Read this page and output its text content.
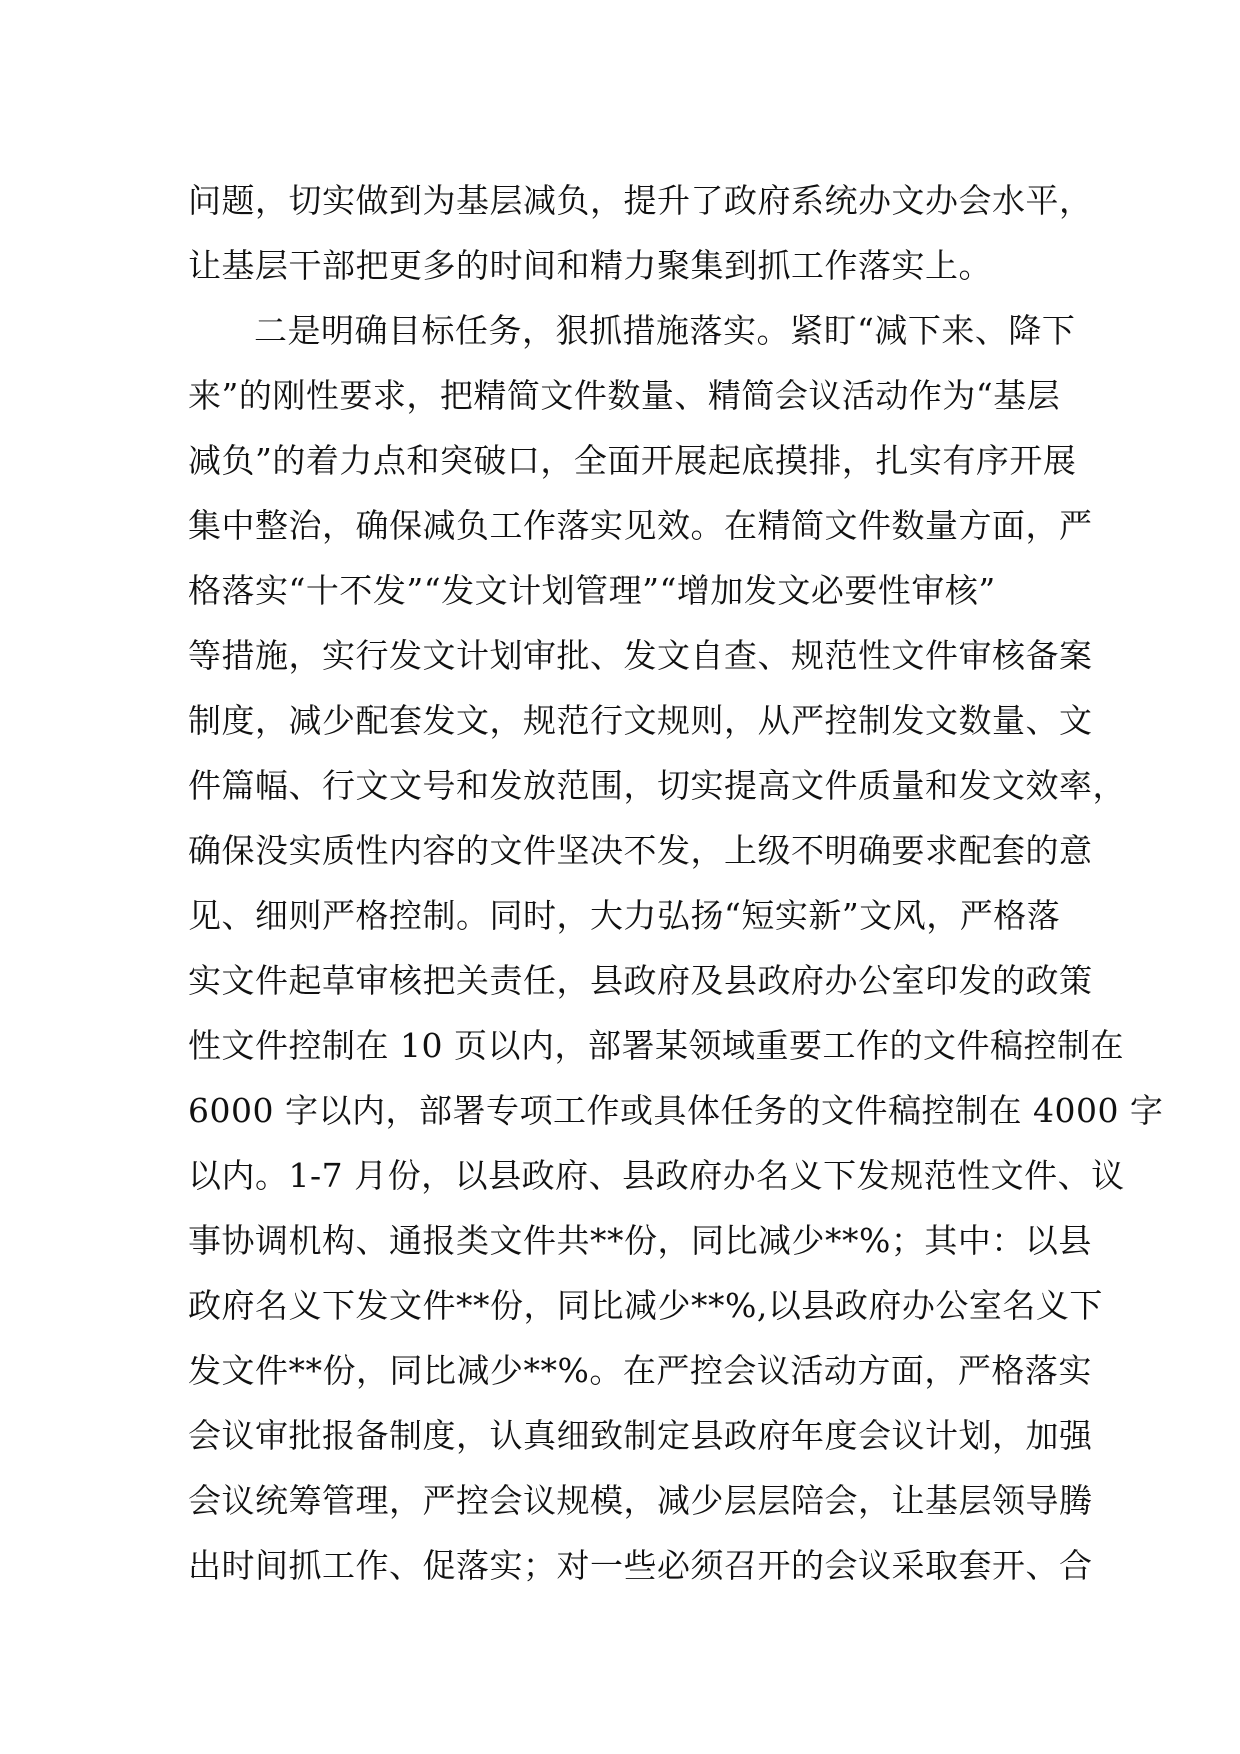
问题，切实做到为基层减负，提升了政府系统办文办会水平，
让基层干部把更多的时间和精力聚集到抓工作落实上。
二是明确目标任务，狠抓措施落实。紧盯“减下来、降下
来”的刚性要求，把精简文件数量、精简会议活动作为“基层
减负”的着力点和突破口，全面开展起底摸排，扎实有序开展
集中整治，确保减负工作落实见效。在精简文件数量方面，严
格落实“十不发”“发文计划管理”“增加发文必要性审核”
等措施，实行发文计划审批、发文自查、规范性文件审核备案
制度，减少配套发文，规范行文规则，从严控制发文数量、文
件篇幅、行文文号和发放范围，切实提高文件质量和发文效率，
确保没实质性内容的文件坚决不发，上级不明确要求配套的意
见、细则严格控制。同时，大力弘扬“短实新”文风，严格落
实文件起草审核把关责任，县政府及县政府办公室印发的政策
性文件控制在 10 页以内，部署某领域重要工作的文件稿控制在
6000 字以内，部署专项工作或具体任务的文件稿控制在 4000 字
以内。1-7 月份，以县政府、县政府办名义下发规范性文件、议
事协调机构、通报类文件共**份，同比减少**%；其中：以县
政府名义下发文件**份，同比减少**%,以县政府办公室名义下
发文件**份，同比减少**%。在严控会议活动方面，严格落实
会议审批报备制度，认真细致制定县政府年度会议计划，加强
会议统筹管理，严控会议规模，减少层层陪会，让基层领导腾
出时间抓工作、促落实；对一些必须召开的会议采取套开、合
